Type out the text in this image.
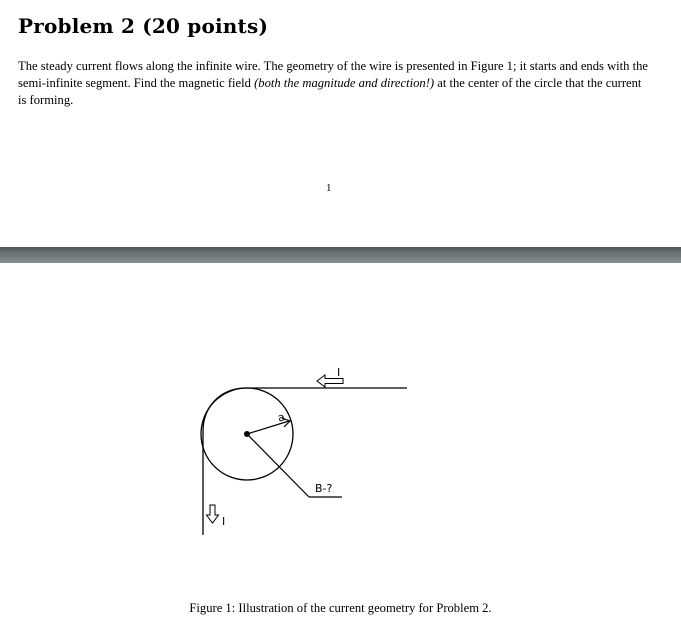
Problem 2 (20 points)

The steady current flows along the infinite wire. The geometry of the wire is presented in Figure 1; it starts and ends with the semi-infinite segment. Find the magnetic field (both the magnitude and direction!) at the center of the circle that the current is forming.

1
a
B-?
I
I
Figure 1: Illustration of the current geometry for Problem 2.
